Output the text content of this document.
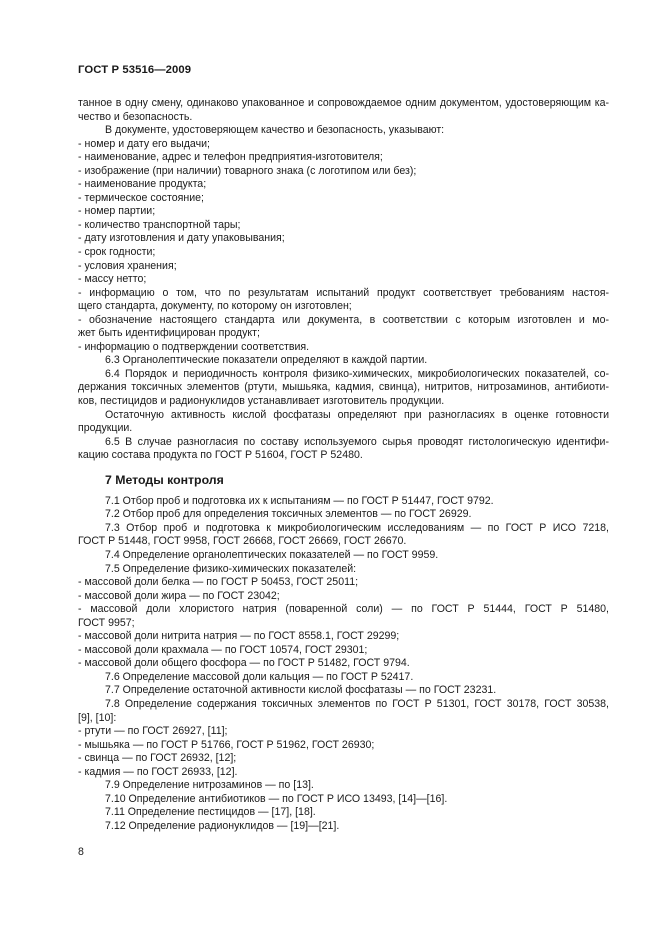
ГОСТ Р 53516—2009

танное в одну смену, одинаково упакованное и сопровождаемое одним документом, удостоверяющим ка-

чество и безопасность.

В документе, удостоверяющем качество и безопасность, указывают:

- номер и дату его выдачи;

- наименование, адрес и телефон предприятия-изготовителя;

- изображение (при наличии) товарного знака (с логотипом или без);

- наименование продукта;

- термическое состояние;

- номер партии;

- количество транспортной тары;

- дату изготовления и дату упаковывания;

- срок годности;

- условия хранения;

- массу нетто;

- информацию о том, что по результатам испытаний продукт соответствует требованиям настоя-

щего стандарта, документу, по которому он изготовлен;

- обозначение настоящего стандарта или документа, в соответствии с которым изготовлен и мо-

жет быть идентифицирован продукт;

- информацию о подтверждении соответствия.

6.3 Органолептические показатели определяют в каждой партии.

6.4 Порядок и периодичность контроля физико-химических, микробиологических показателей, со-

держания токсичных элементов (ртути, мышьяка, кадмия, свинца), нитритов, нитрозаминов, антибиоти-

ков, пестицидов и радионуклидов устанавливает изготовитель продукции.

Остаточную активность кислой фосфатазы определяют при разногласиях в оценке готовности

продукции.

6.5 В случае разногласия по составу используемого сырья проводят гистологическую идентифи-

кацию состава продукта по ГОСТ Р 51604, ГОСТ Р 52480.

7 Методы контроля

7.1 Отбор проб и подготовка их к испытаниям — по ГОСТ Р 51447, ГОСТ 9792.

7.2 Отбор проб для определения токсичных элементов — по ГОСТ 26929.

7.3 Отбор проб и подготовка к микробиологическим исследованиям — по ГОСТ Р ИСО 7218,

ГОСТ Р 51448, ГОСТ 9958, ГОСТ 26668, ГОСТ 26669, ГОСТ 26670.

7.4 Определение органолептических показателей — по ГОСТ 9959.

7.5 Определение физико-химических показателей:

- массовой доли белка — по ГОСТ Р 50453, ГОСТ 25011;

- массовой доли жира — по ГОСТ 23042;

- массовой доли хлористого натрия (поваренной соли) — по ГОСТ Р 51444, ГОСТ Р 51480,

ГОСТ 9957;

- массовой доли нитрита натрия — по ГОСТ 8558.1, ГОСТ 29299;

- массовой доли крахмала — по ГОСТ 10574, ГОСТ 29301;

- массовой доли общего фосфора — по ГОСТ Р 51482, ГОСТ 9794.

7.6 Определение массовой доли кальция — по ГОСТ Р 52417.

7.7 Определение остаточной активности кислой фосфатазы — по ГОСТ 23231.

7.8 Определение содержания токсичных элементов по ГОСТ Р 51301, ГОСТ 30178, ГОСТ 30538,

[9], [10]:

- ртути — по ГОСТ 26927, [11];

- мышьяка — по ГОСТ Р 51766, ГОСТ Р 51962, ГОСТ 26930;

- свинца — по ГОСТ 26932, [12];

- кадмия — по ГОСТ 26933, [12].

7.9 Определение нитрозаминов — по [13].

7.10 Определение антибиотиков — по ГОСТ Р ИСО 13493, [14]—[16].

7.11 Определение пестицидов — [17], [18].

7.12 Определение радионуклидов — [19]—[21].

8
